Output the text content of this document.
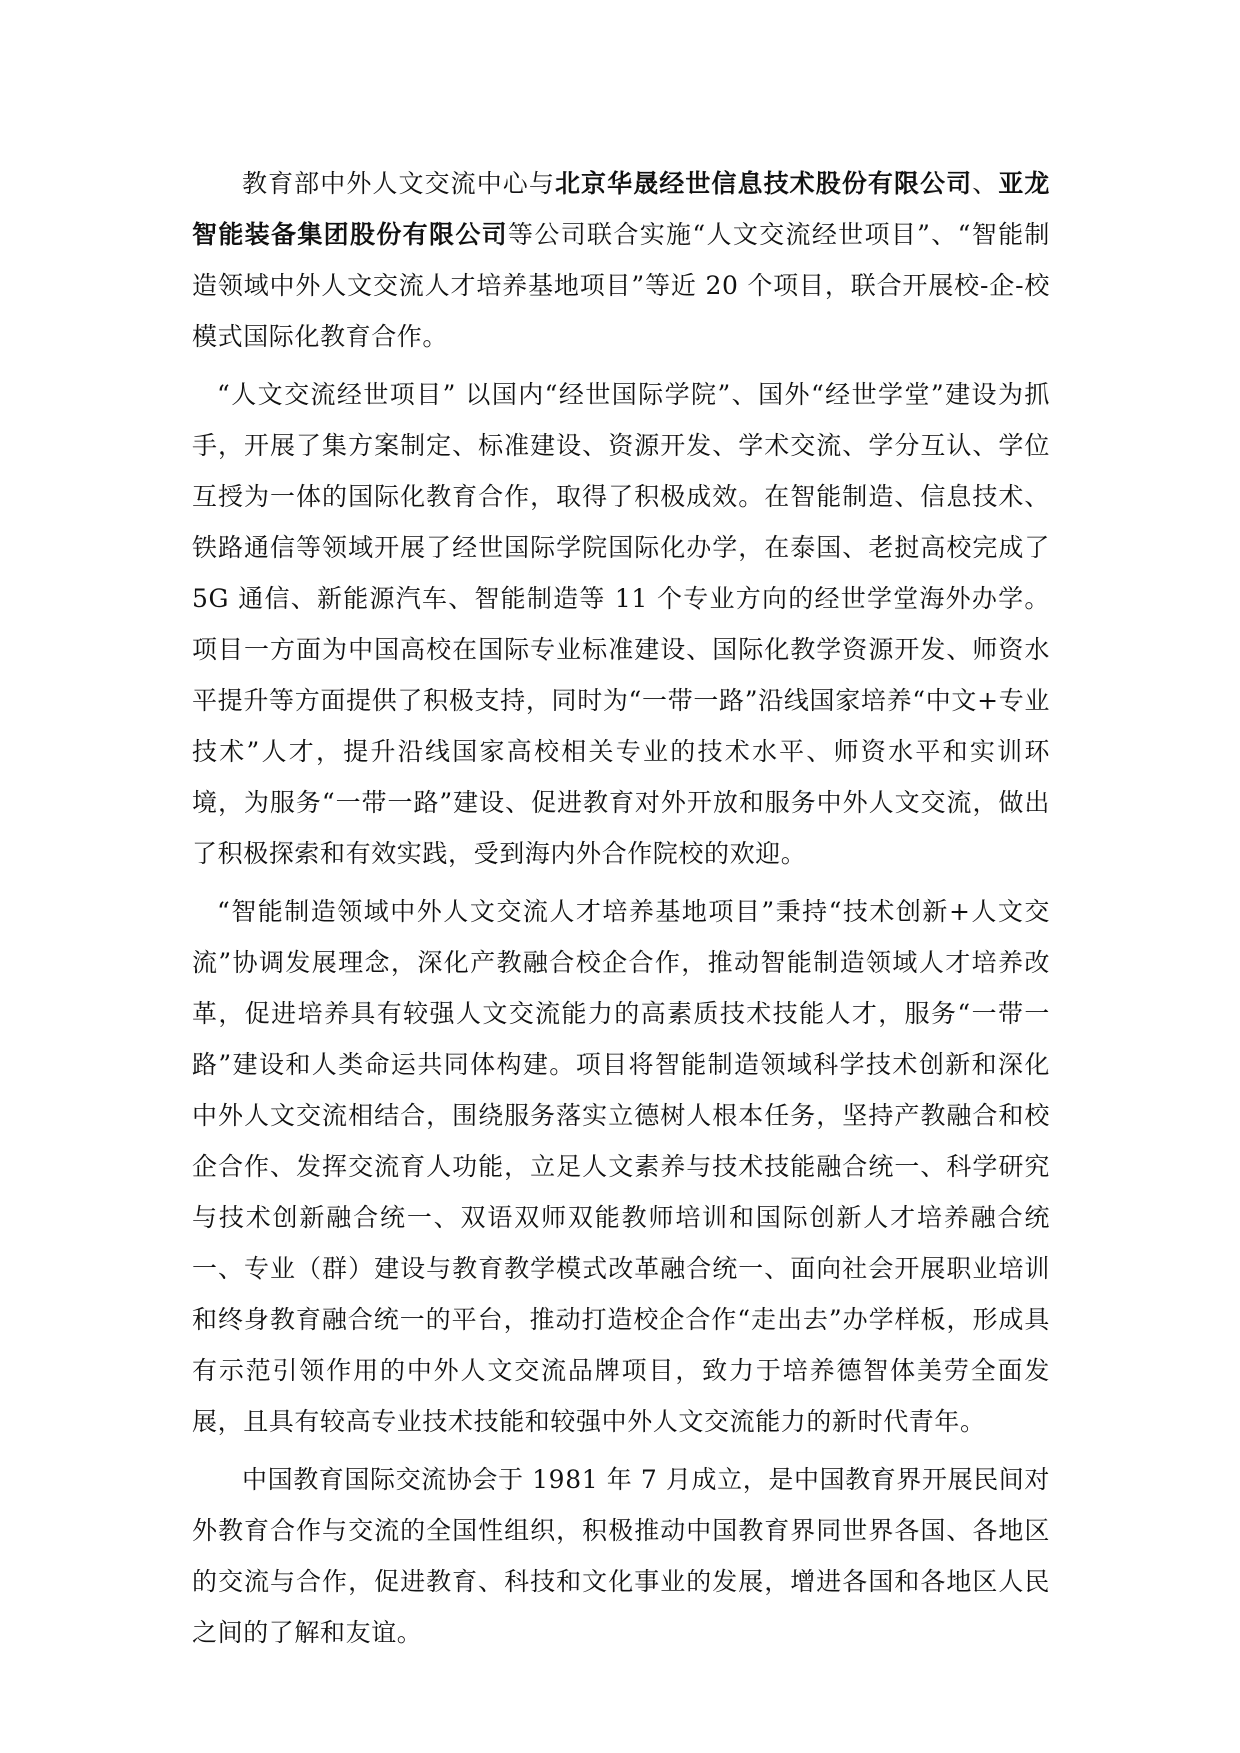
教育部中外人文交流中心与北京华晟经世信息技术股份有限公司、亚龙智能装备集团股份有限公司等公司联合实施“人文交流经世项目”、“智能制造领域中外人文交流人才培养基地项目”等近 20 个项目，联合开展校-企-校模式国际化教育合作。

“人文交流经世项目” 以国内“经世国际学院”、国外“经世学堂”建设为抓手，开展了集方案制定、标准建设、资源开发、学术交流、学分互认、学位互授为一体的国际化教育合作，取得了积极成效。在智能制造、信息技术、铁路通信等领域开展了经世国际学院国际化办学，在泰国、老挝高校完成了 5G 通信、新能源汽车、智能制造等 11 个专业方向的经世学堂海外办学。项目一方面为中国高校在国际专业标准建设、国际化教学资源开发、师资水平提升等方面提供了积极支持，同时为“一带一路”沿线国家培养“中文+专业技术”人才，提升沿线国家高校相关专业的技术水平、师资水平和实训环境，为服务“一带一路”建设、促进教育对外开放和服务中外人文交流，做出了积极探索和有效实践，受到海内外合作院校的欢迎。

“智能制造领域中外人文交流人才培养基地项目”秉持“技术创新+人文交流”协调发展理念，深化产教融合校企合作，推动智能制造领域人才培养改革，促进培养具有较强人文交流能力的高素质技术技能人才，服务“一带一路”建设和人类命运共同体构建。项目将智能制造领域科学技术创新和深化中外人文交流相结合，围绕服务落实立德树人根本任务，坚持产教融合和校企合作、发挥交流育人功能，立足人文素养与技术技能融合统一、科学研究与技术创新融合统一、双语双师双能教师培训和国际创新人才培养融合统一、专业（群）建设与教育教学模式改革融合统一、面向社会开展职业培训和终身教育融合统一的平台，推动打造校企合作“走出去”办学样板，形成具有示范引领作用的中外人文交流品牌项目，致力于培养德智体美劳全面发展，且具有较高专业技术技能和较强中外人文交流能力的新时代青年。

中国教育国际交流协会于 1981 年 7 月成立，是中国教育界开展民间对外教育合作与交流的全国性组织，积极推动中国教育界同世界各国、各地区的交流与合作，促进教育、科技和文化事业的发展，增进各国和各地区人民之间的了解和友谊。
